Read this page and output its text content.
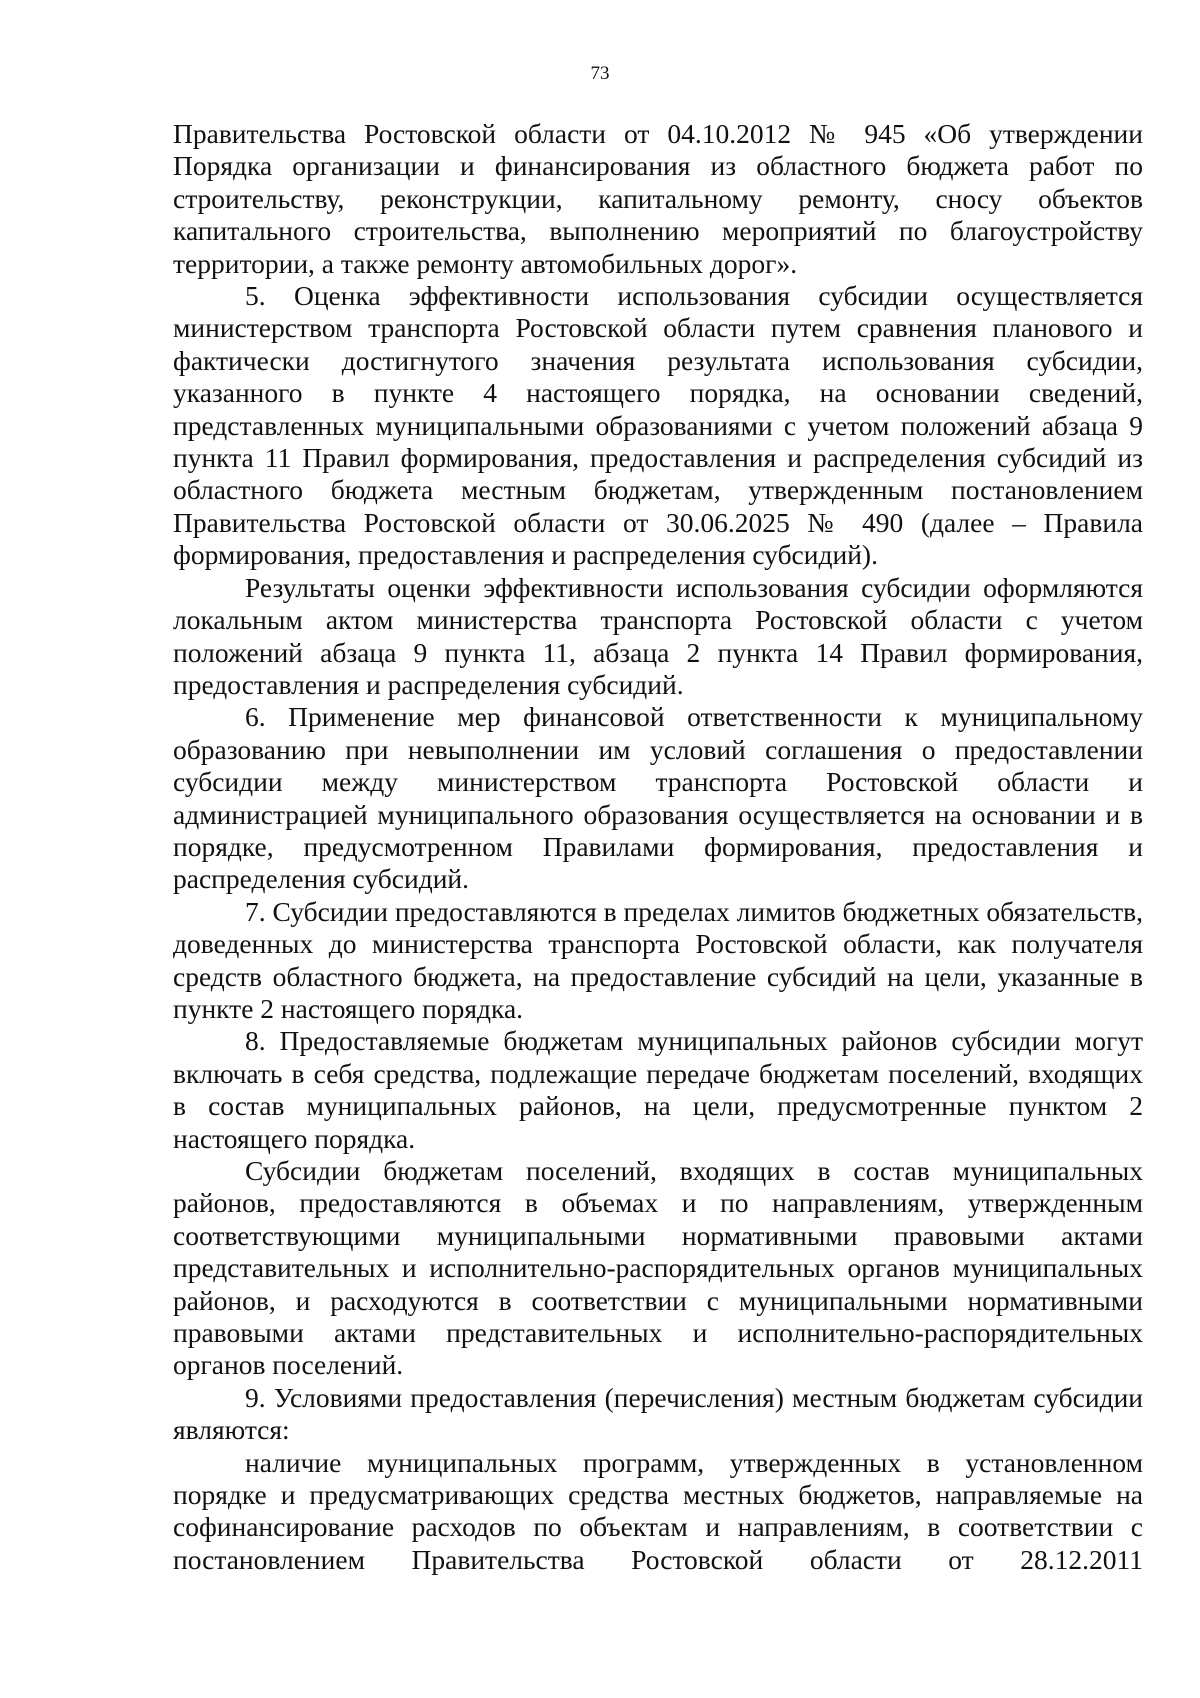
73

Правительства Ростовской области от 04.10.2012 № 945 «Об утверждении Порядка организации и финансирования из областного бюджета работ по строительству, реконструкции, капитальному ремонту, сносу объектов капитального строительства, выполнению мероприятий по благоустройству территории, а также ремонту автомобильных дорог».

5. Оценка эффективности использования субсидии осуществляется министерством транспорта Ростовской области путем сравнения планового и фактически достигнутого значения результата использования субсидии, указанного в пункте 4 настоящего порядка, на основании сведений, представленных муниципальными образованиями с учетом положений абзаца 9 пункта 11 Правил формирования, предоставления и распределения субсидий из областного бюджета местным бюджетам, утвержденным постановлением Правительства Ростовской области от 30.06.2025 № 490 (далее – Правила формирования, предоставления и распределения субсидий).

Результаты оценки эффективности использования субсидии оформляются локальным актом министерства транспорта Ростовской области с учетом положений абзаца 9 пункта 11, абзаца 2 пункта 14 Правил формирования, предоставления и распределения субсидий.

6. Применение мер финансовой ответственности к муниципальному образованию при невыполнении им условий соглашения о предоставлении субсидии между министерством транспорта Ростовской области и администрацией муниципального образования осуществляется на основании и в порядке, предусмотренном Правилами формирования, предоставления и распределения субсидий.

7. Субсидии предоставляются в пределах лимитов бюджетных обязательств, доведенных до министерства транспорта Ростовской области, как получателя средств областного бюджета, на предоставление субсидий на цели, указанные в пункте 2 настоящего порядка.

8. Предоставляемые бюджетам муниципальных районов субсидии могут включать в себя средства, подлежащие передаче бюджетам поселений, входящих в состав муниципальных районов, на цели, предусмотренные пунктом 2 настоящего порядка.

Субсидии бюджетам поселений, входящих в состав муниципальных районов, предоставляются в объемах и по направлениям, утвержденным соответствующими муниципальными нормативными правовыми актами представительных и исполнительно-распорядительных органов муниципальных районов, и расходуются в соответствии с муниципальными нормативными правовыми актами представительных и исполнительно-распорядительных органов поселений.

9. Условиями предоставления (перечисления) местным бюджетам субсидии являются:

наличие муниципальных программ, утвержденных в установленном порядке и предусматривающих средства местных бюджетов, направляемые на софинансирование расходов по объектам и направлениям, в соответствии с постановлением Правительства Ростовской области от 28.12.2011
